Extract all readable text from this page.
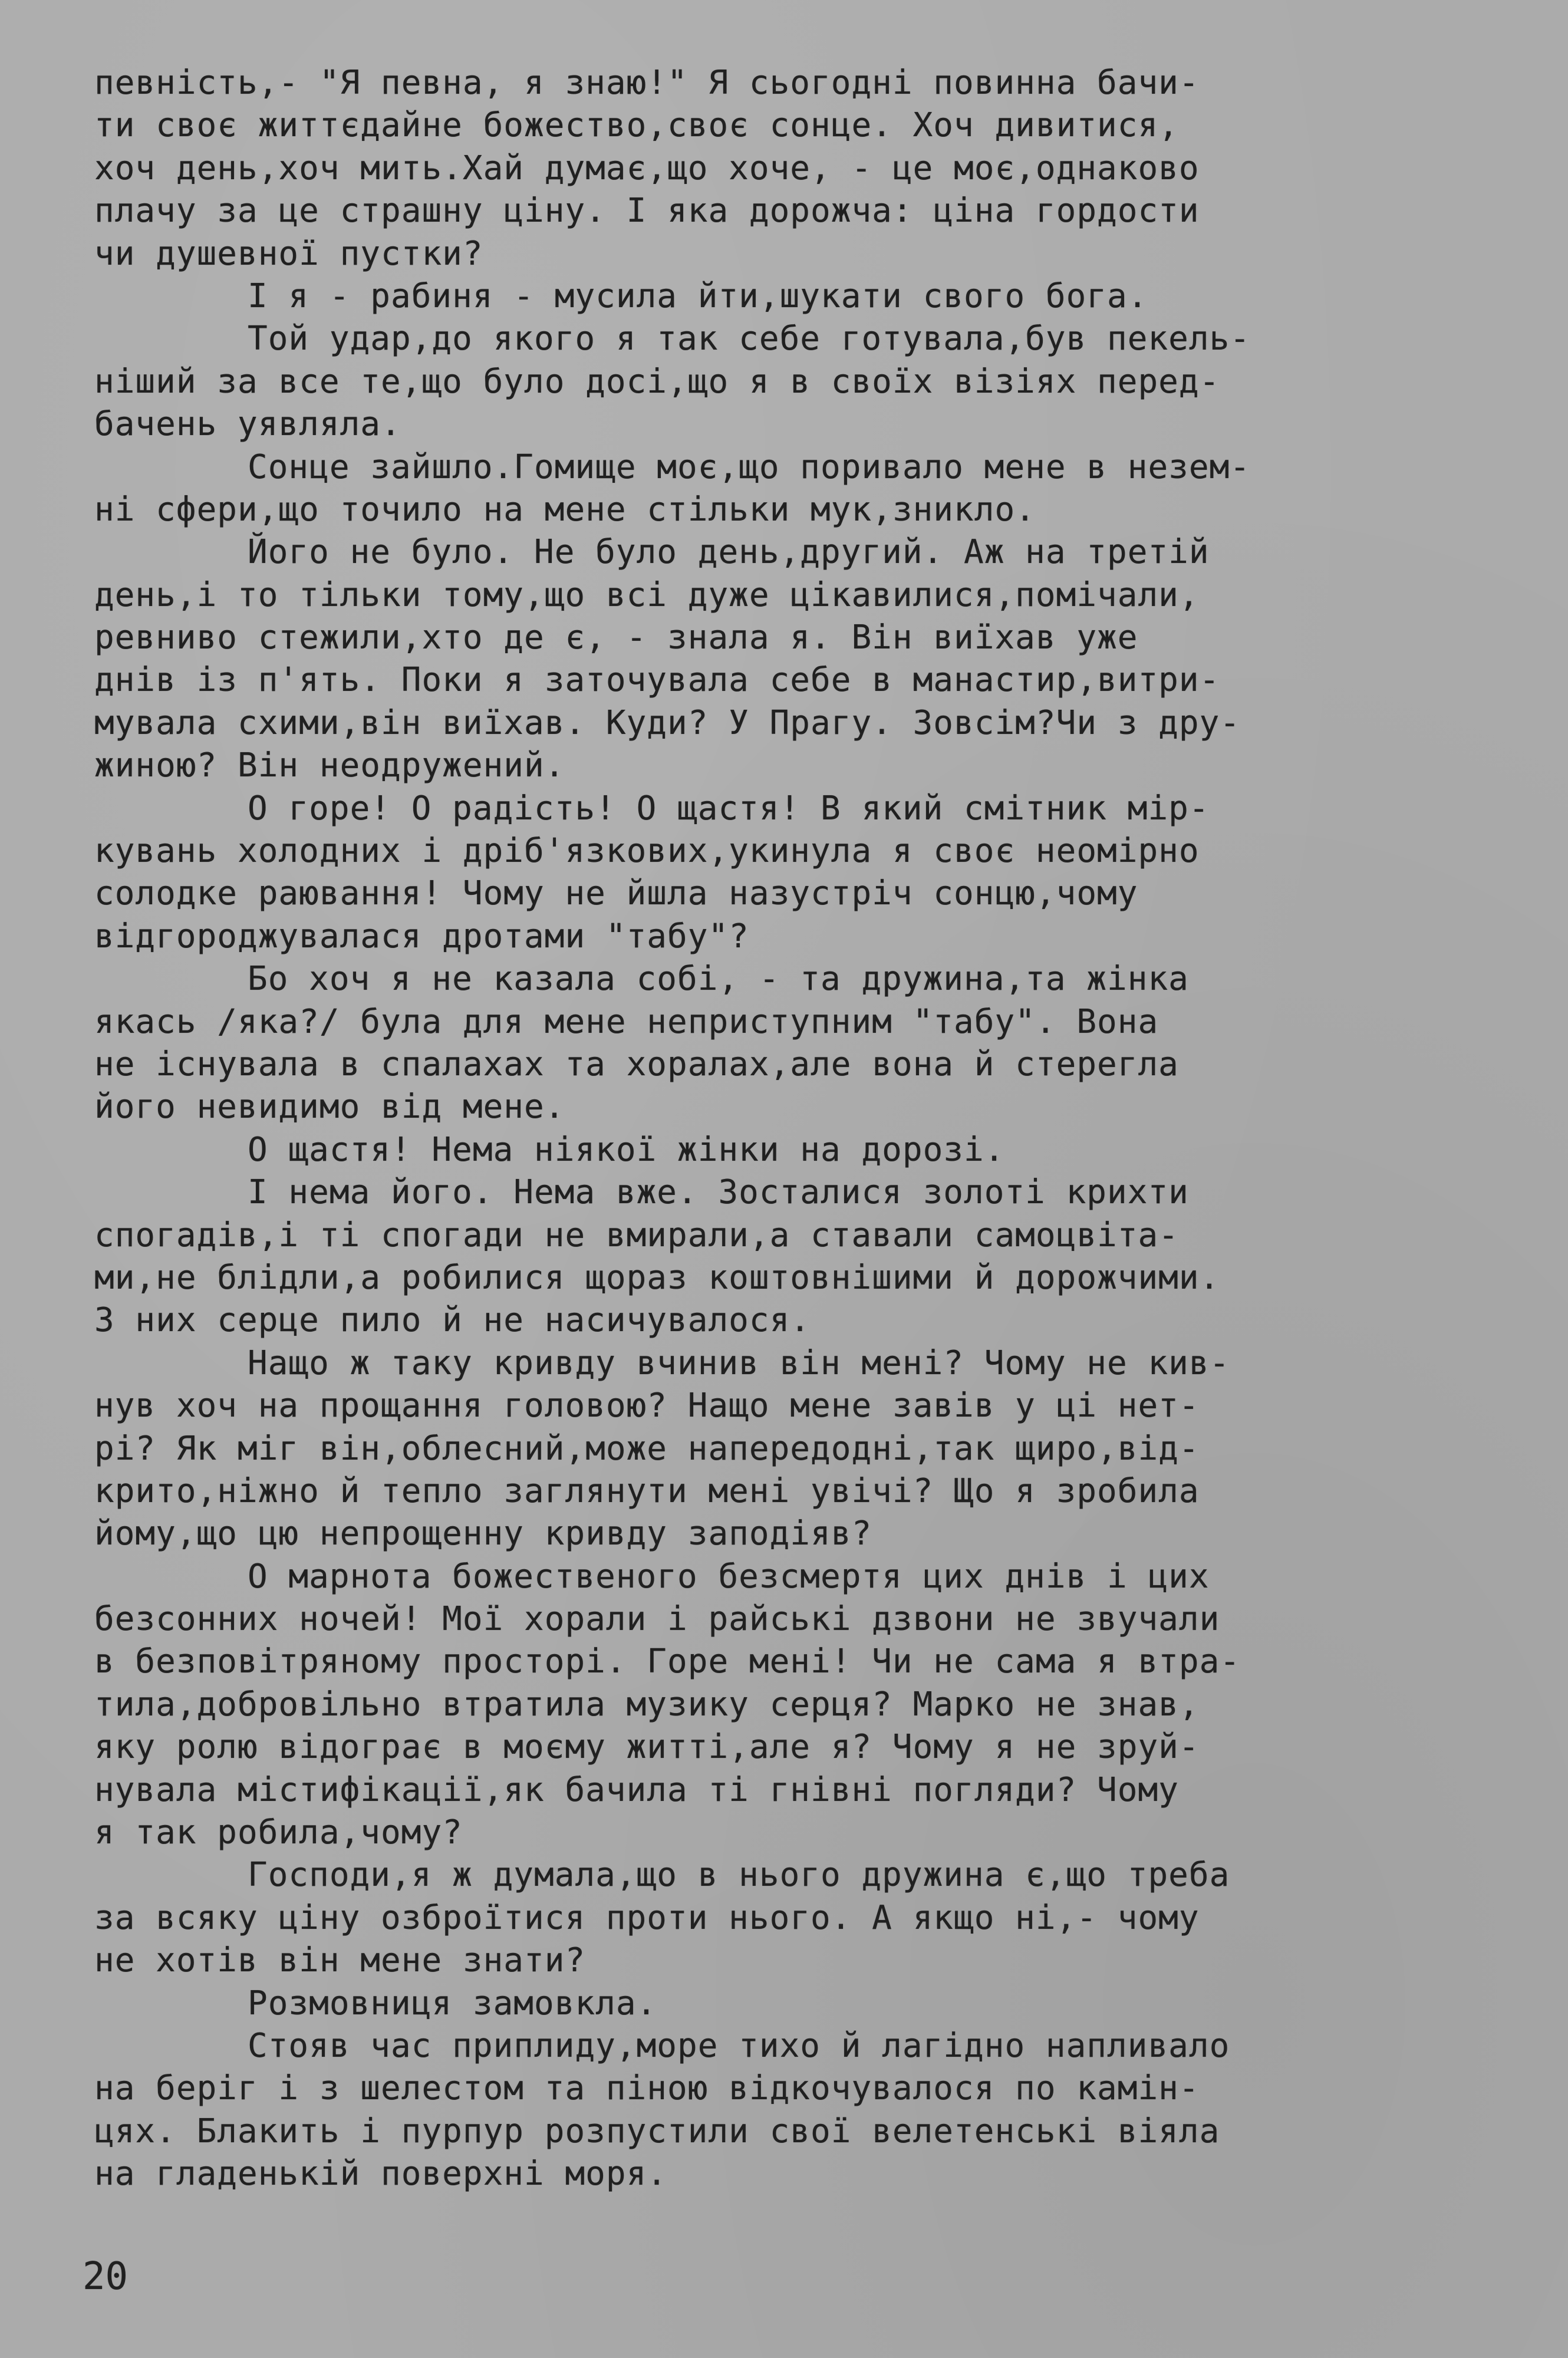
певність,- "Я певна, я знаю!" Я сьогодні повинна бачи-
ти своє життєдайне божество,своє сонце. Хоч дивитися,
хоч день,хоч мить.Хай думає,що хоче, - це моє,однаково
плачу за це страшну ціну. І яка дорожча: ціна гордости
чи душевної пустки?
І я - рабиня - мусила йти,шукати свого бога.
Той удар,до якого я так себе готувала,був пекель-
ніший за все те,що було досі,що я в своїх візіях перед-
бачень уявляла.
Сонце зайшло.Гомище моє,що поривало мене в незем-
ні сфери,що точило на мене стільки мук,зникло.
Його не було. Не було день,другий. Аж на третій
день,і то тільки тому,що всі дуже цікавилися,помічали,
ревниво стежили,хто де є, - знала я. Він виїхав уже
днів із п'ять. Поки я заточувала себе в манастир,витри-
мувала схими,він виїхав. Куди? У Прагу. Зовсім?Чи з дру-
жиною? Він неодружений.
О горе! О радість! О щастя! В який смітник мір-
кувань холодних і дріб'язкових,укинула я своє неомірно
солодке раювання! Чому не йшла назустріч сонцю,чому
відгороджувалася дротами "табу"?
Бо хоч я не казала собі, - та дружина,та жінка
якась /яка?/ була для мене неприступним "табу". Вона
не існувала в спалахах та хоралах,але вона й стерегла
його невидимо від мене.
О щастя! Нема ніякої жінки на дорозі.
І нема його. Нема вже. Зосталися золоті крихти
спогадів,і ті спогади не вмирали,а ставали самоцвіта-
ми,не блідли,а робилися щораз коштовнішими й дорожчими.
З них серце пило й не насичувалося.
Нащо ж таку кривду вчинив він мені? Чому не кив-
нув хоч на прощання головою? Нащо мене завів у ці нет-
рі? Як міг він,облесний,може напередодні,так щиро,від-
крито,ніжно й тепло заглянути мені увічі? Що я зробила
йому,що цю непрощенну кривду заподіяв?
О марнота божественого безсмертя цих днів і цих
безсонних ночей! Мої хорали і райські дзвони не звучали
в безповітряному просторі. Горе мені! Чи не сама я втра-
тила,добровільно втратила музику серця? Марко не знав,
яку ролю відограє в моєму житті,але я? Чому я не зруй-
нувала містифікації,як бачила ті гнівні погляди? Чому
я так робила,чому?
Господи,я ж думала,що в нього дружина є,що треба
за всяку ціну озброїтися проти нього. А якщо ні,- чому
не хотів він мене знати?
Розмовниця замовкла.
Стояв час приплиду,море тихо й лагідно напливало
на беріг і з шелестом та піною відкочувалося по камін-
цях. Блакить і пурпур розпустили свої велетенські віяла
на гладенькій поверхні моря.
20
